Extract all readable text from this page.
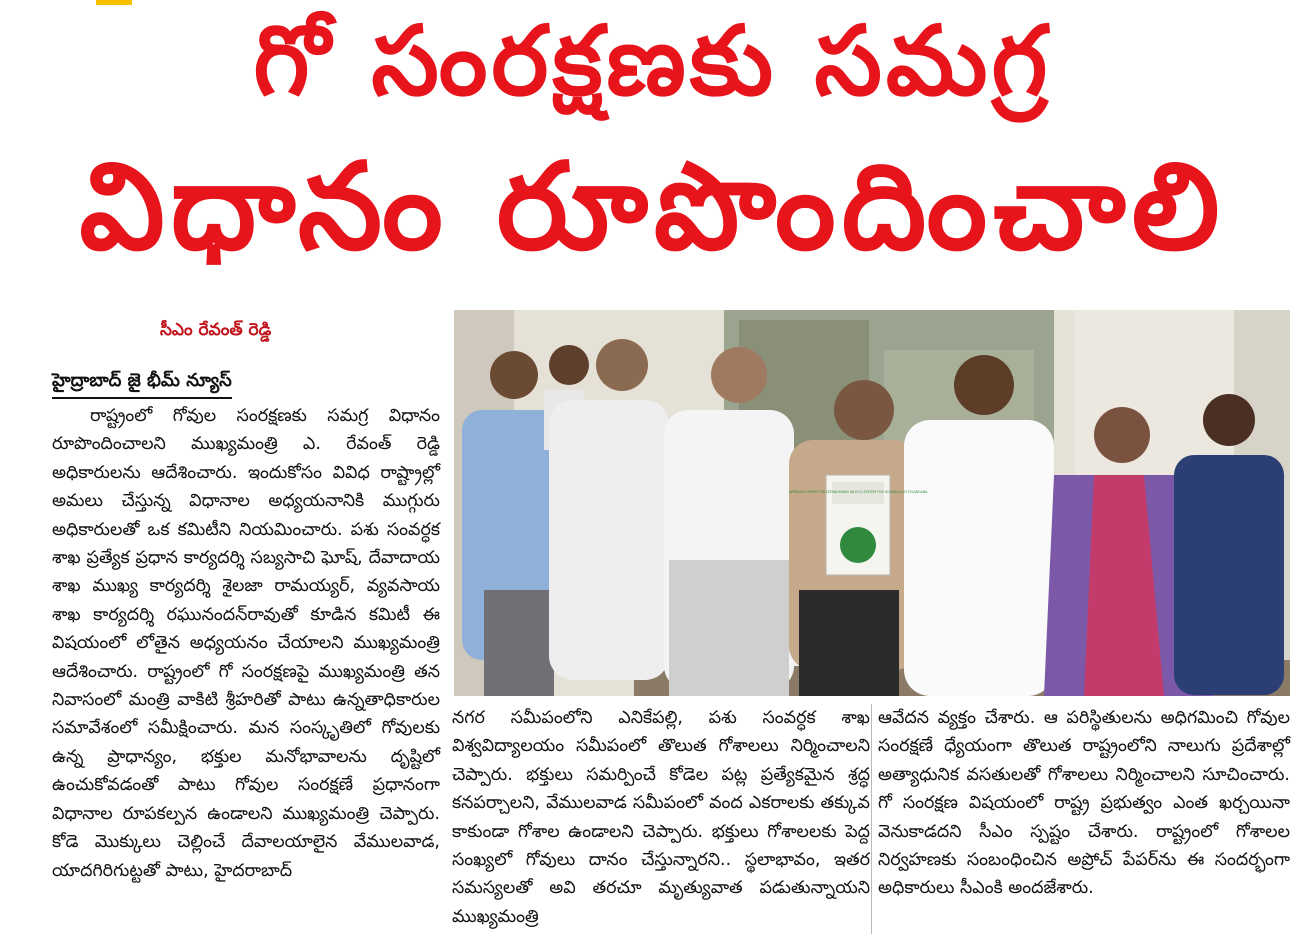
గో సంరక్షణకు సమగ్ర
విధానం రూపొందించాలి
సీఎం రేవంత్ రెడ్డి
హైద్రాబాద్ జై భీమ్ న్యూస్

రాష్ట్రంలో గోవుల సంరక్షణకు సమగ్ర విధానం రూపొందించాలని ముఖ్యమంత్రి ఎ. రేవంత్ రెడ్డి అధికారులను ఆదేశించారు. ఇందుకోసం వివిధ రాష్ట్రాల్లో అమలు చేస్తున్న విధానాల అధ్యయనానికి ముగ్గురు అధికారులతో ఒక కమిటీని నియమించారు. పశు సంవర్ధక శాఖ ప్రత్యేక ప్రధాన కార్యదర్శి సబ్యసాచి ఘోష్, దేవాదాయ శాఖ ముఖ్య కార్యదర్శి శైలజా రామయ్యర్, వ్యవసాయ శాఖ కార్యదర్శి రఘునందన్‌రావుతో కూడిన కమిటీ ఈ విషయంలో లోతైన అధ్యయనం చేయాలని ముఖ్యమంత్రి ఆదేశించారు. రాష్ట్రంలో గో సంరక్షణపై ముఖ్యమంత్రి తన నివాసంలో మంత్రి వాకిటి శ్రీహరితో పాటు ఉన్నతాధికారుల సమావేశంలో సమీక్షించారు. మన సంస్కృతిలో గోవులకు ఉన్న ప్రాధాన్యం, భక్తుల మనోభావాలను దృష్టిలో ఉంచుకోవడంతో పాటు గోవుల సంరక్షణే ప్రధానంగా విధానాల రూపకల్పన ఉండాలని ముఖ్యమంత్రి చెప్పారు. కోడె మొక్కులు చెల్లించే దేవాలయాలైన వేములవాడ, యాదగిరిగుట్టతో పాటు, హైదరాబాద్

APPROACH PAPER FOR ESTABLISHING AN ECO-SYSTEM FOR GOSHALAS IN TELANGANA

నగర సమీపంలోని ఎనికేపల్లి, పశు సంవర్ధక శాఖ విశ్వవిద్యాలయం సమీపంలో తొలుత గోశాలలు నిర్మించాలని చెప్పారు. భక్తులు సమర్పించే కోడెల పట్ల ప్రత్యేకమైన శ్రద్ధ కనపర్చాలని, వేములవాడ సమీపంలో వంద ఎకరాలకు తక్కువ కాకుండా గోశాల ఉండాలని చెప్పారు. భక్తులు గోశాలలకు పెద్ద సంఖ్యలో గోవులు దానం చేస్తున్నారని.. స్థలాభావం, ఇతర సమస్యలతో అవి తరచూ మృత్యువాత పడుతున్నాయని ముఖ్యమంత్రి

ఆవేదన వ్యక్తం చేశారు. ఆ పరిస్థితులను అధిగమించి గోవుల సంరక్షణే ధ్యేయంగా తొలుత రాష్ట్రంలోని నాలుగు ప్రదేశాల్లో అత్యాధునిక వసతులతో గోశాలలు నిర్మించాలని సూచించారు. గో సంరక్షణ విషయంలో రాష్ట్ర ప్రభుత్వం ఎంత ఖర్చయినా వెనుకాడదని సీఎం స్పష్టం చేశారు. రాష్ట్రంలో గోశాలల నిర్వహణకు సంబంధించిన అప్రోచ్ పేపర్‌ను ఈ సందర్భంగా అధికారులు సీఎంకి అందజేశారు.
